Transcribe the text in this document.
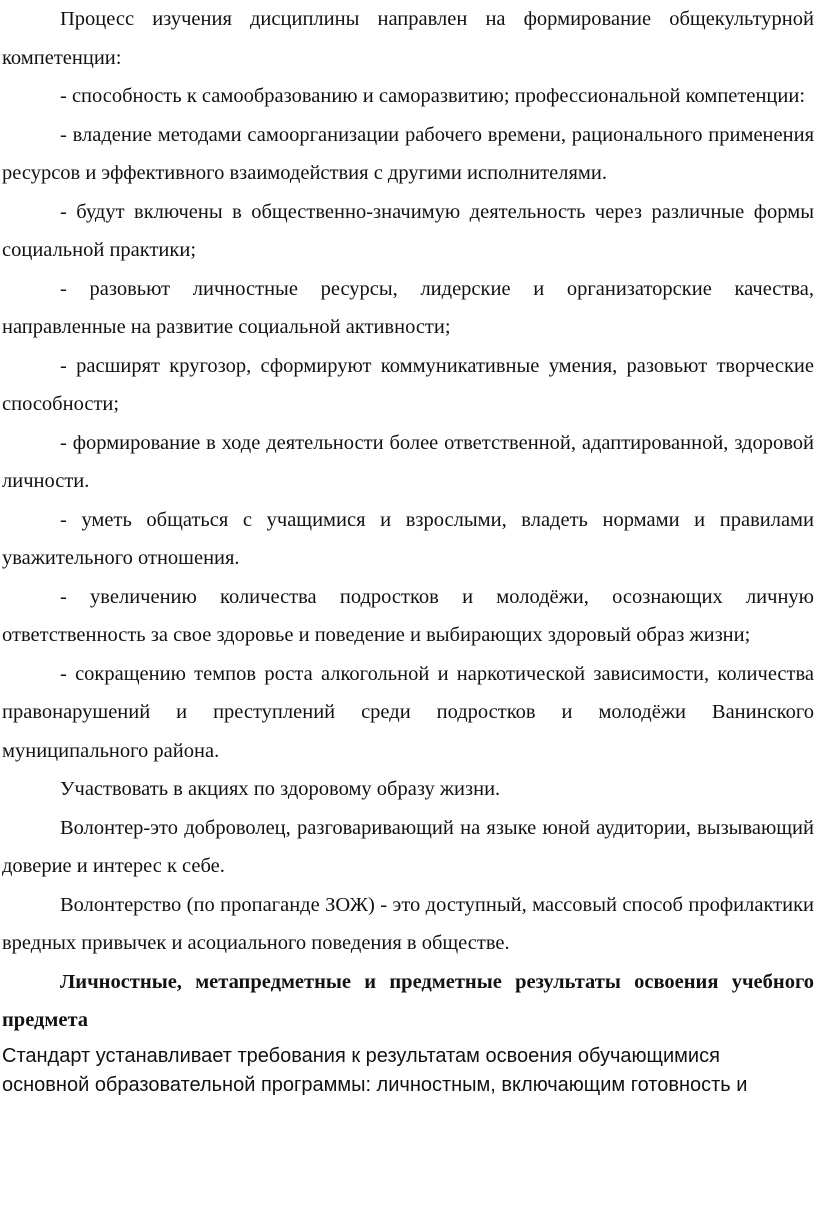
Процесс изучения дисциплины направлен на формирование общекультурной компетенции:

- способность к самообразованию и саморазвитию; профессиональной компетенции:

- владение методами самоорганизации рабочего времени, рационального применения ресурсов и эффективного взаимодействия с другими исполнителями.

- будут включены в общественно-значимую деятельность через различные формы социальной практики;

- разовьют личностные ресурсы, лидерские и организаторские качества, направленные на развитие социальной активности;

- расширят кругозор, сформируют коммуникативные умения, разовьют творческие способности;

- формирование в ходе деятельности более ответственной, адаптированной, здоровой личности.

- уметь общаться с учащимися и взрослыми, владеть нормами и правилами уважительного отношения.

- увеличению количества подростков и молодёжи, осознающих личную ответственность за свое здоровье и поведение и выбирающих здоровый образ жизни;

- сокращению темпов роста алкогольной и наркотической зависимости, количества правонарушений и преступлений среди подростков и молодёжи Ванинского муниципального района.

Участвовать в акциях по здоровому образу жизни.

Волонтер-это доброволец, разговаривающий на языке юной аудитории, вызывающий доверие и интерес к себе.

Волонтерство (по пропаганде ЗОЖ) - это доступный, массовый способ профилактики вредных привычек и асоциального поведения в обществе.

Личностные, метапредметные и предметные результаты освоения учебного предмета

Стандарт устанавливает требования к результатам освоения обучающимися
основной образовательной программы: личностным, включающим готовность и
